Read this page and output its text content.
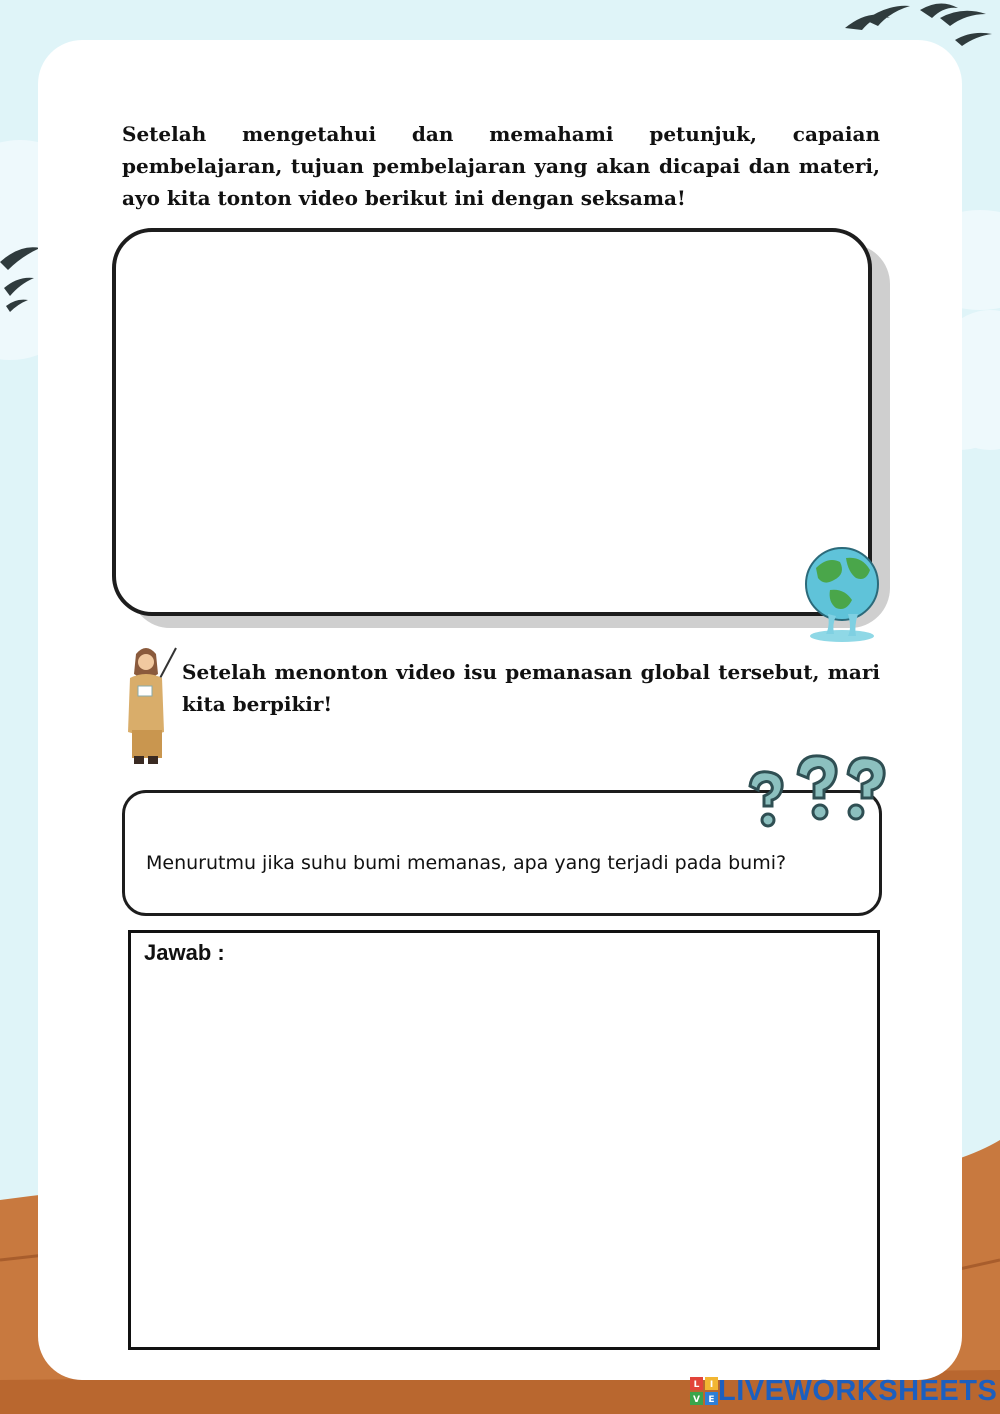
Setelah mengetahui dan memahami petunjuk, capaian pembelajaran, tujuan pembelajaran yang akan dicapai dan materi, ayo kita tonton video berikut ini dengan seksama!

Setelah menonton video isu pemanasan global tersebut, mari kita berpikir!

Menurutmu jika suhu bumi memanas, apa yang terjadi pada bumi?
Jawab :
L I
V E LIVEWORKSHEETS
